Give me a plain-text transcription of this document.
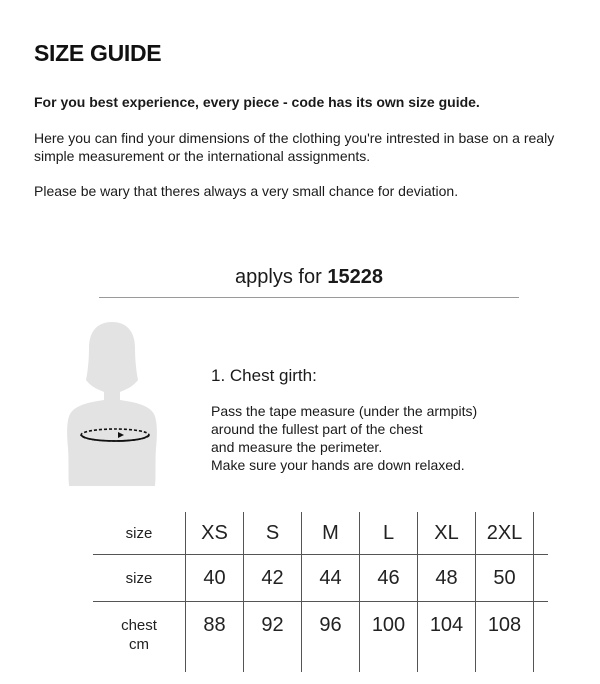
SIZE GUIDE

For you best experience, every piece - code has its own size guide.

Here you can find your dimensions of the clothing you're intrested in base on a realy simple measurement or the international assignments.

Please be wary that theres always a very small chance for deviation.

applys for 15228
1. Chest girth:
Pass the tape measure (under the armpits)
around the fullest part of the chest
and measure the perimeter.
Make sure your hands are down relaxed.
size	XS	S	M	L	XL	2XL	
size	40	42	44	46	48	50	

chest
cm	88	92	96	100	104	108	
